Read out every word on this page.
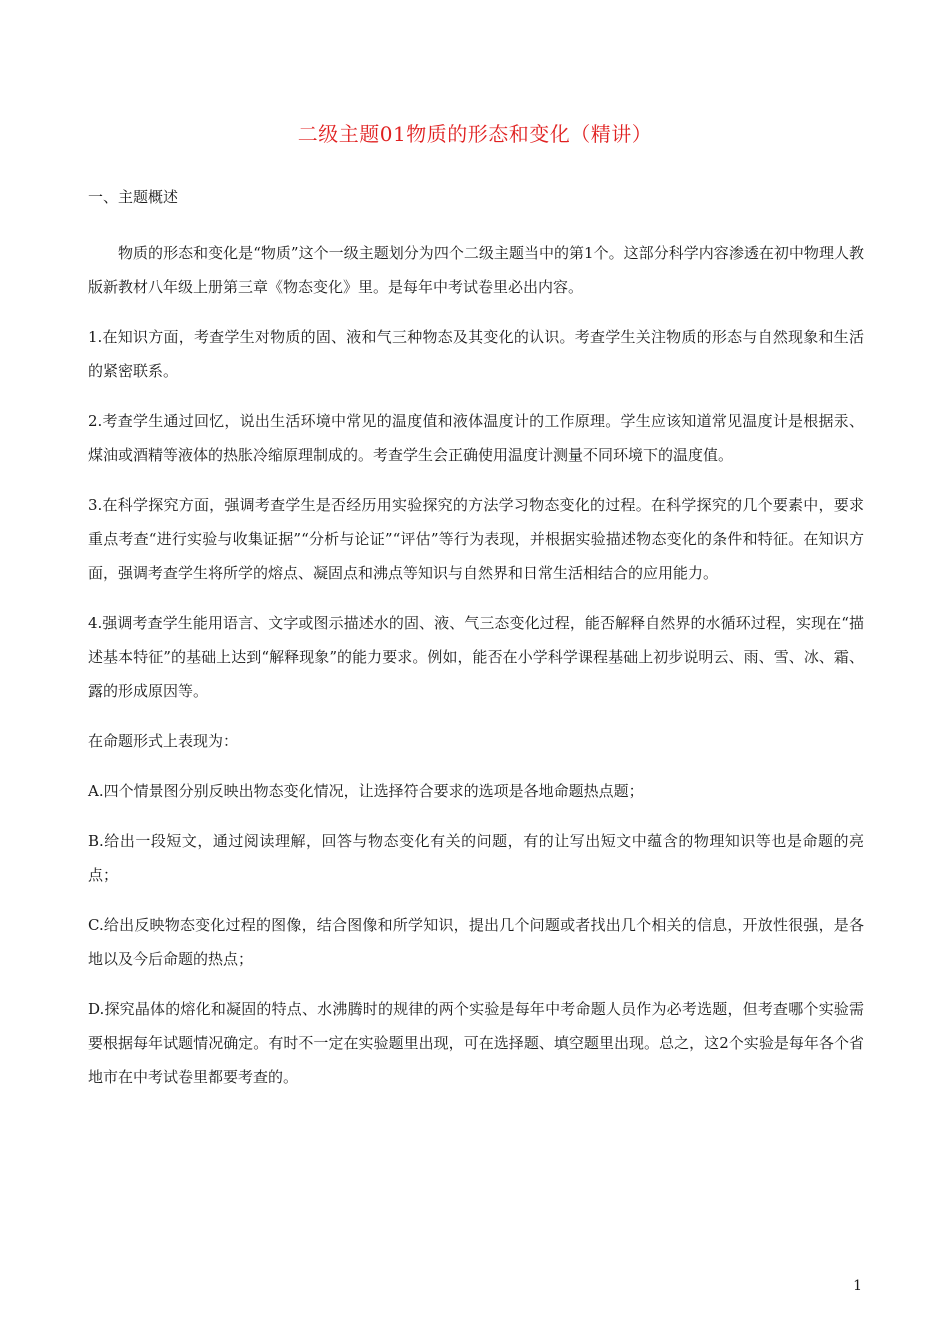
二级主题01物质的形态和变化（精讲）
一、主题概述

物质的形态和变化是“物质”这个一级主题划分为四个二级主题当中的第1个。这部分科学内容渗透在初中物理人教版新教材八年级上册第三章《物态变化》里。是每年中考试卷里必出内容。

1.在知识方面，考查学生对物质的固、液和气三种物态及其变化的认识。考查学生关注物质的形态与自然现象和生活的紧密联系。

2.考查学生通过回忆，说出生活环境中常见的温度值和液体温度计的工作原理。学生应该知道常见温度计是根据汞、煤油或酒精等液体的热胀冷缩原理制成的。考查学生会正确使用温度计测量不同环境下的温度值。

3.在科学探究方面，强调考查学生是否经历用实验探究的方法学习物态变化的过程。在科学探究的几个要素中，要求重点考查“进行实验与收集证据”“分析与论证”“评估”等行为表现，并根据实验描述物态变化的条件和特征。在知识方面，强调考查学生将所学的熔点、凝固点和沸点等知识与自然界和日常生活相结合的应用能力。

4.强调考查学生能用语言、文字或图示描述水的固、液、气三态变化过程，能否解释自然界的水循环过程，实现在“描述基本特征”的基础上达到“解释现象”的能力要求。例如，能否在小学科学课程基础上初步说明云、雨、雪、冰、霜、露的形成原因等。

在命题形式上表现为：

A.四个情景图分别反映出物态变化情况，让选择符合要求的选项是各地命题热点题；

B.给出一段短文，通过阅读理解，回答与物态变化有关的问题，有的让写出短文中蕴含的物理知识等也是命题的亮点；

C.给出反映物态变化过程的图像，结合图像和所学知识，提出几个问题或者找出几个相关的信息，开放性很强，是各地以及今后命题的热点；

D.探究晶体的熔化和凝固的特点、水沸腾时的规律的两个实验是每年中考命题人员作为必考选题，但考查哪个实验需要根据每年试题情况确定。有时不一定在实验题里出现，可在选择题、填空题里出现。总之，这2个实验是每年各个省地市在中考试卷里都要考查的。

1
